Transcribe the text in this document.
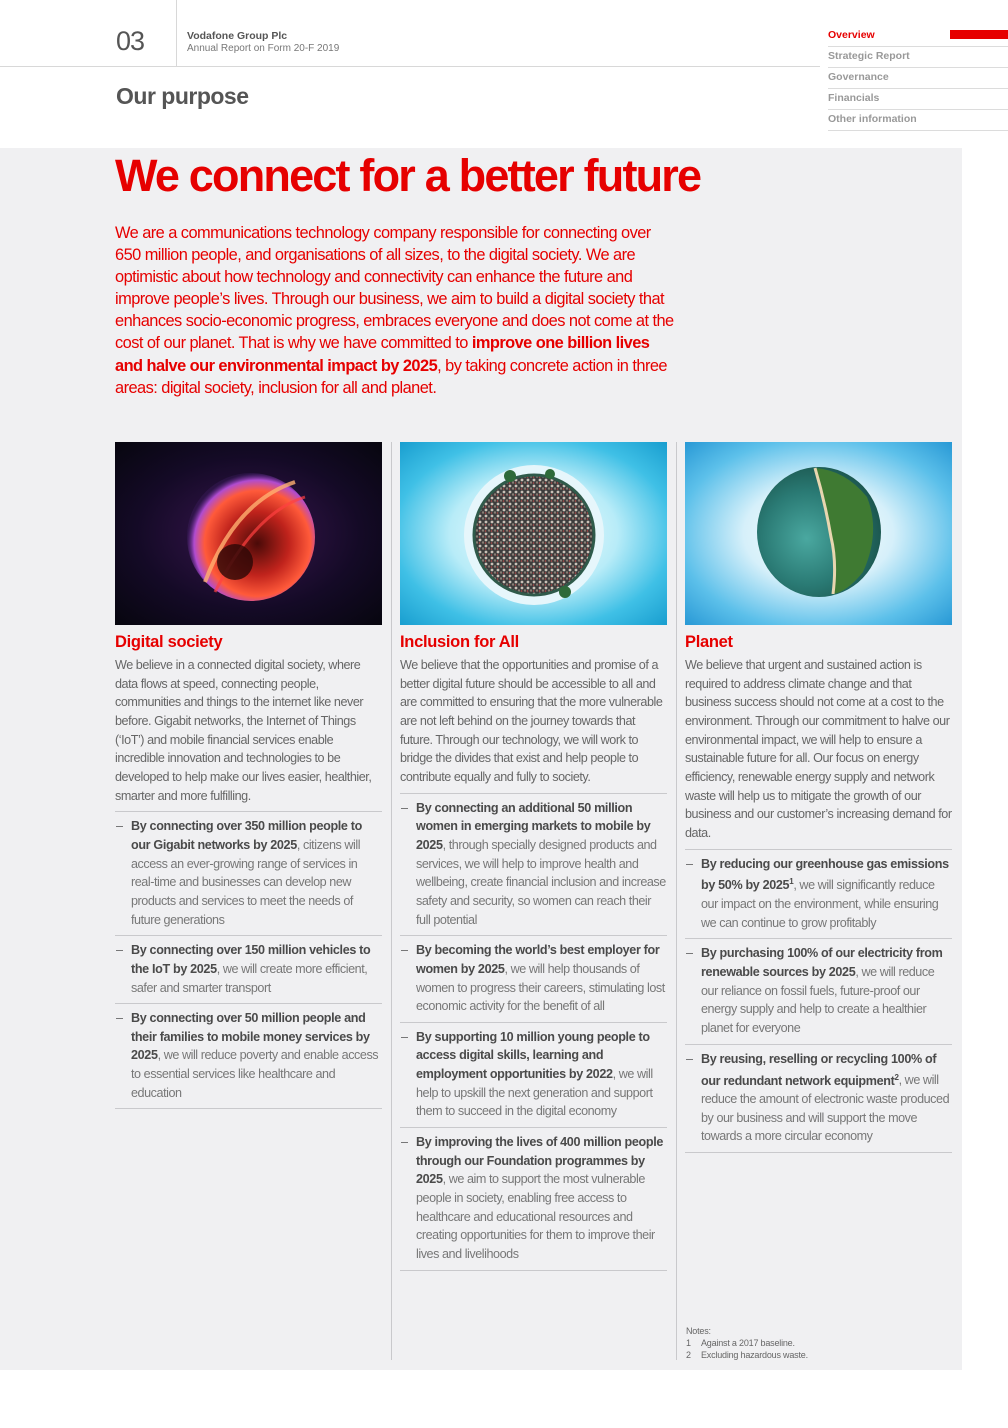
03	Vodafone Group Plc
Annual Report on Form 20-F 2019
Our purpose
Overview
Strategic Report
Governance
Financials
Other information
We connect for a better future

We are a communications technology company responsible for connecting over 650 million people, and organisations of all sizes, to the digital society. We are optimistic about how technology and connectivity can enhance the future and improve people’s lives. Through our business, we aim to build a digital society that enhances socio-economic progress, embraces everyone and does not come at the cost of our planet. That is why we have committed to improve one billion lives and halve our environmental impact by 2025, by taking concrete action in three areas: digital society, inclusion for all and planet.

Digital society

We believe in a connected digital society, where data flows at speed, connecting people, communities and things to the internet like never before. Gigabit networks, the Internet of Things (‘IoT’) and mobile financial services enable incredible innovation and technologies to be developed to help make our lives easier, healthier, smarter and more fulfilling.

– By connecting over 350 million people to our Gigabit networks by 2025, citizens will access an ever-growing range of services in real-time and businesses can develop new products and services to meet the needs of future generations
– By connecting over 150 million vehicles to the IoT by 2025, we will create more efficient, safer and smarter transport
– By connecting over 50 million people and their families to mobile money services by 2025, we will reduce poverty and enable access to essential services like healthcare and education
Inclusion for All

We believe that the opportunities and promise of a better digital future should be accessible to all and are committed to ensuring that the more vulnerable are not left behind on the journey towards that future. Through our technology, we will work to bridge the divides that exist and help people to contribute equally and fully to society.

– By connecting an additional 50 million women in emerging markets to mobile by 2025, through specially designed products and services, we will help to improve health and wellbeing, create financial inclusion and increase safety and security, so women can reach their full potential
– By becoming the world’s best employer for women by 2025, we will help thousands of women to progress their careers, stimulating lost economic activity for the benefit of all
– By supporting 10 million young people to access digital skills, learning and employment opportunities by 2022, we will help to upskill the next generation and support them to succeed in the digital economy
– By improving the lives of 400 million people through our Foundation programmes by 2025, we aim to support the most vulnerable people in society, enabling free access to healthcare and educational resources and creating opportunities for them to improve their lives and livelihoods
Planet

We believe that urgent and sustained action is required to address climate change and that business success should not come at a cost to the environment. Through our commitment to halve our environmental impact, we will help to ensure a sustainable future for all. Our focus on energy efficiency, renewable energy supply and network waste will help us to mitigate the growth of our business and our customer’s increasing demand for data.

– By reducing our greenhouse gas emissions by 50% by 2025$^1$, we will significantly reduce our impact on the environment, while ensuring we can continue to grow profitably
– By purchasing 100% of our electricity from renewable sources by 2025, we will reduce our reliance on fossil fuels, future-proof our energy supply and help to create a healthier planet for everyone
– By reusing, reselling or recycling 100% of our redundant network equipment$^2$, we will reduce the amount of electronic waste produced by our business and will support the move towards a more circular economy
Notes:
1 Against a 2017 baseline.
2 Excluding hazardous waste.
